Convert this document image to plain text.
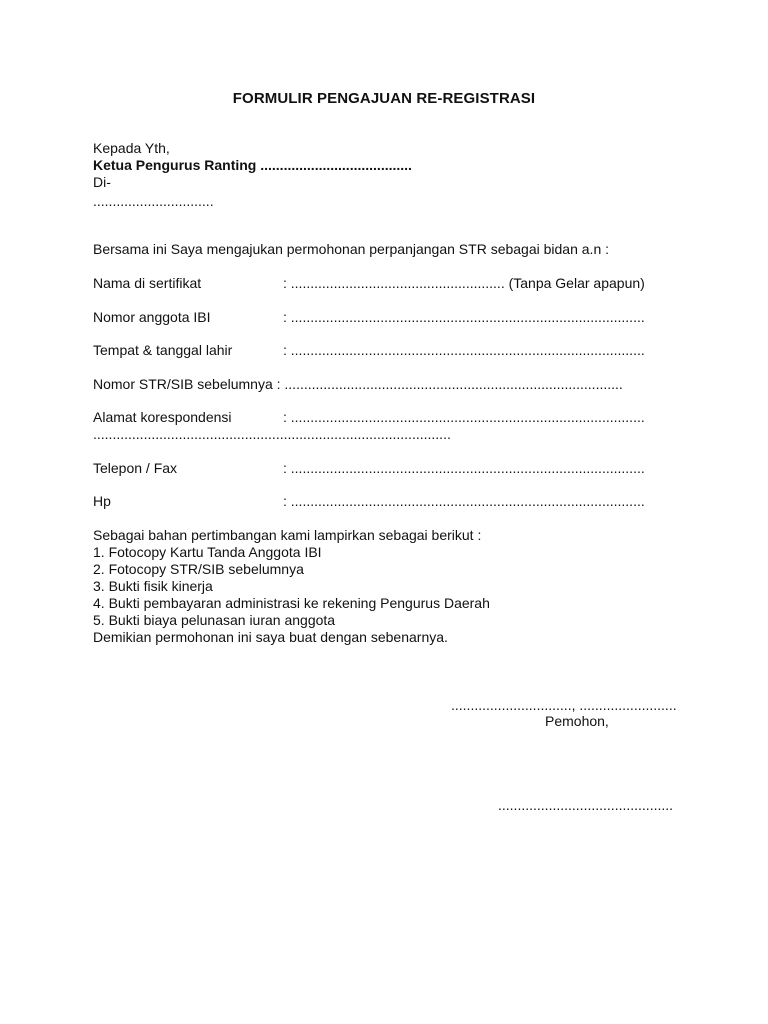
FORMULIR PENGAJUAN RE-REGISTRASI
Kepada Yth,
Ketua Pengurus Ranting .......................................
Di-
...............................
Bersama ini Saya mengajukan permohonan perpanjangan STR sebagai bidan a.n :
Nama di sertifikat	: ....................................................... (Tanpa Gelar apapun)
Nomor anggota IBI	: ...........................................................................................
Tempat & tanggal lahir	: ...........................................................................................
Nomor STR/SIB sebelumnya : .......................................................................................
Alamat korespondensi	: ...........................................................................................
............................................................................................
Telepon / Fax	: ...........................................................................................
Hp	: ...........................................................................................
Sebagai bahan pertimbangan kami lampirkan sebagai berikut :
1. Fotocopy Kartu Tanda Anggota IBI
2. Fotocopy STR/SIB sebelumnya
3. Bukti fisik kinerja
4. Bukti pembayaran administrasi ke rekening Pengurus Daerah
5. Bukti biaya pelunasan iuran anggota
Demikian permohonan ini saya buat dengan sebenarnya.
..............................., .........................
Pemohon,
.............................................
